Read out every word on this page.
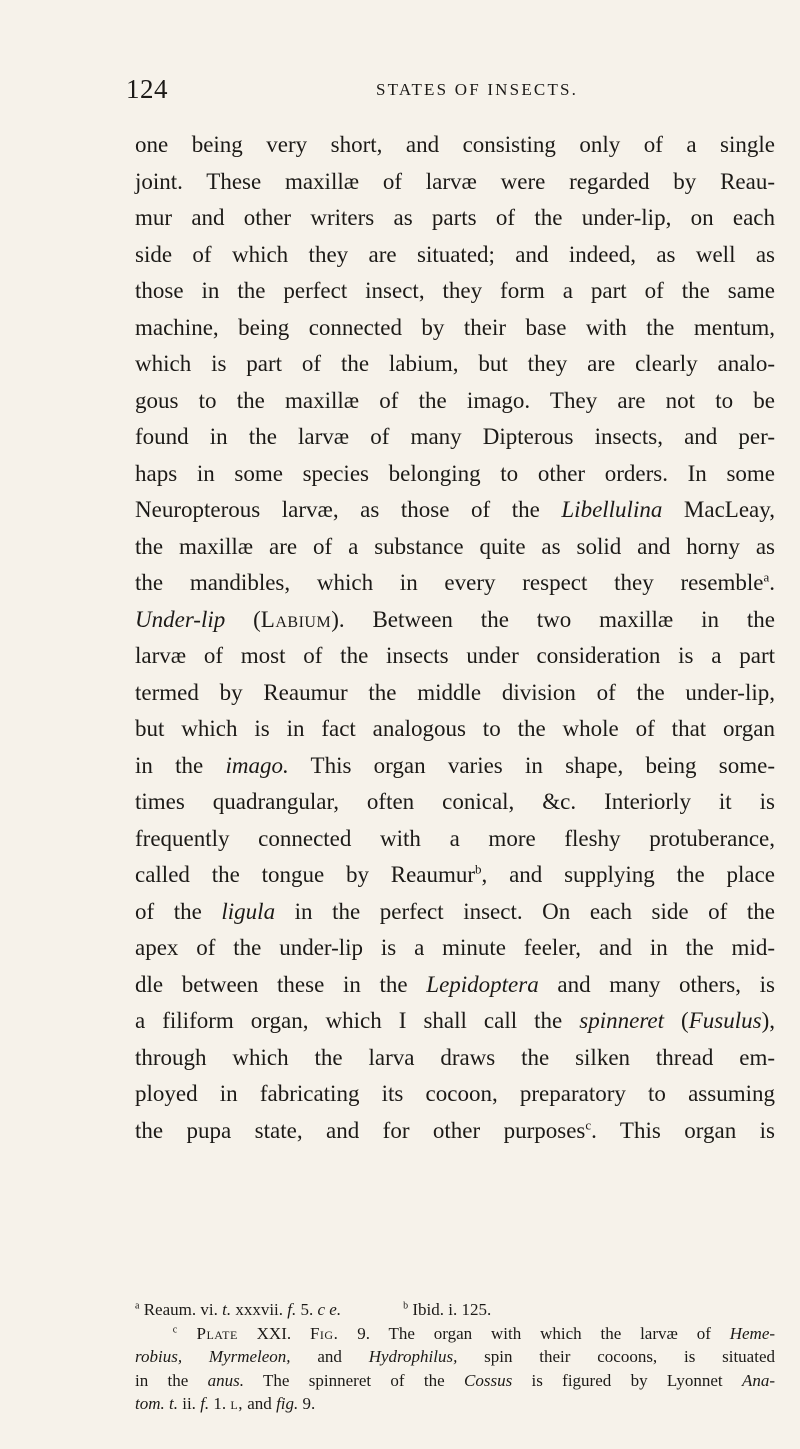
124	STATES OF INSECTS.
one being very short, and consisting only of a single
joint. These maxillæ of larvæ were regarded by Reau-
mur and other writers as parts of the under-lip, on each
side of which they are situated; and indeed, as well as
those in the perfect insect, they form a part of the same
machine, being connected by their base with the mentum,
which is part of the labium, but they are clearly analo-
gous to the maxillæ of the imago. They are not to be
found in the larvæ of many Dipterous insects, and per-
haps in some species belonging to other orders. In some
Neuropterous larvæ, as those of the Libellulina MacLeay,
the maxillæ are of a substance quite as solid and horny as
the mandibles, which in every respect they resemble$^a$.
Under-lip (Labium). Between the two maxillæ in the
larvæ of most of the insects under consideration is a part
termed by Reaumur the middle division of the under-lip,
but which is in fact analogous to the whole of that organ
in the imago. This organ varies in shape, being some-
times quadrangular, often conical, &c. Interiorly it is
frequently connected with a more fleshy protuberance,
called the tongue by Reaumur$^b$, and supplying the place
of the ligula in the perfect insect. On each side of the
apex of the under-lip is a minute feeler, and in the mid-
dle between these in the Lepidoptera and many others, is
a filiform organ, which I shall call the spinneret (Fusulus),
through which the larva draws the silken thread em-
ployed in fabricating its cocoon, preparatory to assuming
the pupa state, and for other purposes$^c$. This organ is
$^a$ Reaum. vi. t. xxxvii. f. 5. c e.	$^b$ Ibid. i. 125.
$^c$ Plate XXI. Fig. 9. The organ with which the larvæ of Heme-
robius, Myrmeleon, and Hydrophilus, spin their cocoons, is situated
in the anus. The spinneret of the Cossus is figured by Lyonnet Ana-
tom. t. ii. f. 1. l, and fig. 9.
